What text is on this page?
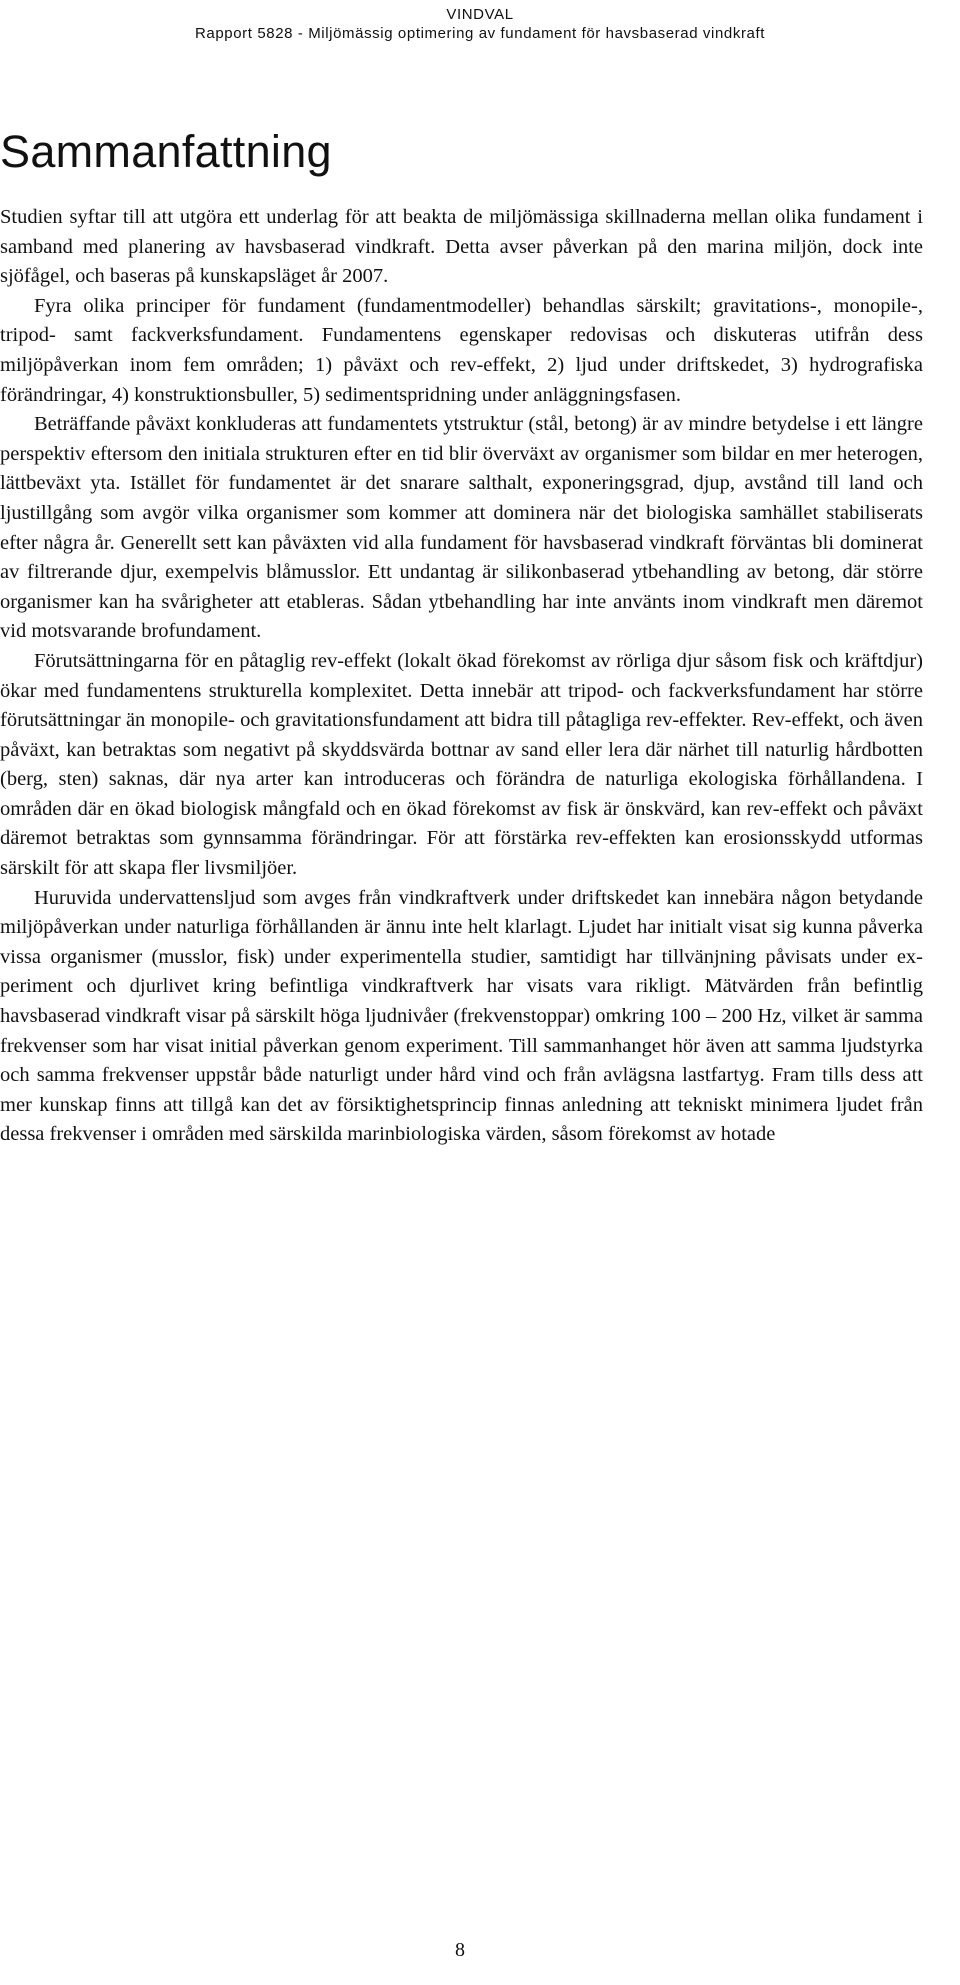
VINDVAL
Rapport 5828 - Miljömässig optimering av fundament för havsbaserad vindkraft
Sammanfattning

Studien syftar till att utgöra ett underlag för att beakta de miljömässiga skillnaderna mellan olika fundament i samband med planering av havsbaserad vindkraft. Detta avser påverkan på den marina miljön, dock inte sjöfågel, och baseras på kunskapsläget år 2007.

Fyra olika principer för fundament (fundamentmodeller) behandlas särskilt; gravitations-, monopile-, tripod- samt fackverksfundament. Fundamentens egenskaper redovisas och diskuteras utifrån dess miljöpåverkan inom fem områden; 1) påväxt och rev-effekt, 2) ljud under driftskedet, 3) hydrografiska förändringar, 4) konstruktionsbuller, 5) sedimentspridning under anläggningsfasen.

Beträffande påväxt konkluderas att fundamentets ytstruktur (stål, betong) är av mindre betydelse i ett längre perspektiv eftersom den initiala strukturen efter en tid blir överväxt av organismer som bildar en mer heterogen, lättbeväxt yta. Istället för fundamentet är det snarare salthalt, exponeringsgrad, djup, avstånd till land och ljustillgång som avgör vilka organismer som kommer att dominera när det biologiska samhället stabiliserats efter några år. Generellt sett kan påväxten vid alla fundament för havsbaserad vindkraft förväntas bli dominerat av filtrerande djur, exempelvis blåmusslor. Ett undantag är silikonbaserad ytbehandling av betong, där större organismer kan ha svårigheter att etableras. Sådan ytbehandling har inte använts inom vindkraft men däremot vid motsvarande brofundament.

Förutsättningarna för en påtaglig rev-effekt (lokalt ökad förekomst av rörliga djur såsom fisk och kräftdjur) ökar med fundamentens strukturella komplexitet. Detta innebär att tripod- och fackverksfundament har större förutsättningar än monopile- och gravitationsfundament att bidra till påtagliga rev-effekter. Rev-effekt, och även påväxt, kan betraktas som negativt på skyddsvärda bottnar av sand eller lera där närhet till naturlig hårdbotten (berg, sten) saknas, där nya arter kan introduceras och förändra de naturliga ekologiska förhållandena. I områden där en ökad biologisk mångfald och en ökad förekomst av fisk är önskvärd, kan rev-effekt och påväxt däremot betraktas som gynnsamma förändringar. För att förstärka rev-effekten kan erosionsskydd utformas särskilt för att skapa fler livsmiljöer.

Huruvida undervattensljud som avges från vindkraftverk under driftskedet kan innebära någon betydande miljöpåverkan under naturliga förhållanden är ännu inte helt klarlagt. Ljudet har initialt visat sig kunna påverka vissa organismer (musslor, fisk) under experimentella studier, samtidigt har tillvänjning påvisats under experiment och djurlivet kring befintliga vindkraftverk har visats vara rikligt. Mätvärden från befintlig havsbaserad vindkraft visar på särskilt höga ljudnivåer (frekvenstoppar) omkring 100 – 200 Hz, vilket är samma frekvenser som har visat initial påverkan genom experiment. Till sammanhanget hör även att samma ljudstyrka och samma frekvenser uppstår både naturligt under hård vind och från avlägsna lastfartyg. Fram tills dess att mer kunskap finns att tillgå kan det av försiktighetsprincip finnas anledning att tekniskt minimera ljudet från dessa frekvenser i områden med särskilda marinbiologiska värden, såsom förekomst av hotade

8
